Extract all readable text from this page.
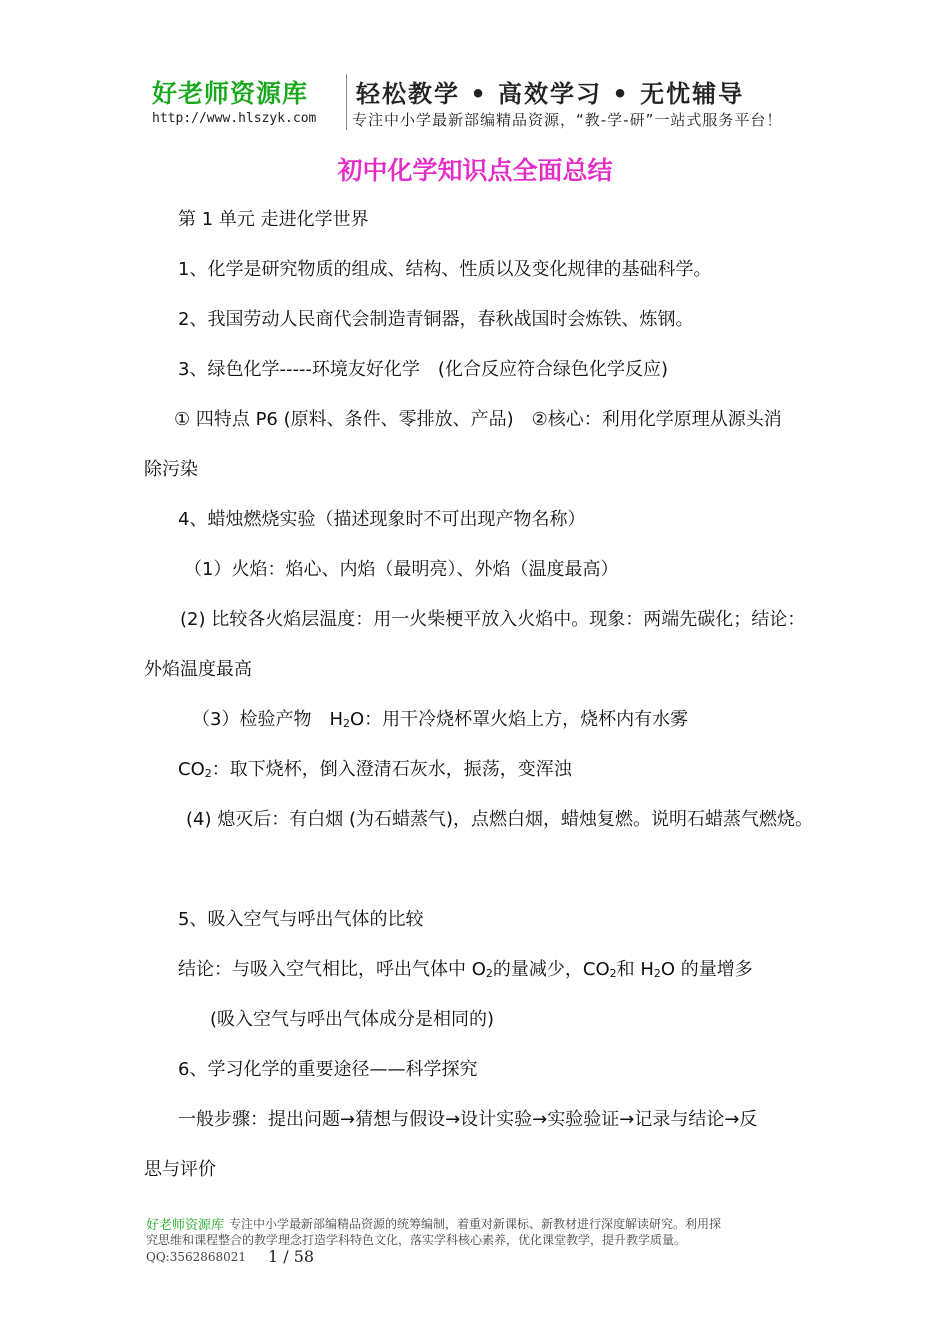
好老师资源库 轻松教学 • 高效学习 • 无忧辅导
http://www.hlszyk.com 专注中小学最新部编精品资源，“教-学-研”一站式服务平台！
初中化学知识点全面总结
第 1 单元 走进化学世界
1、化学是研究物质的组成、结构、性质以及变化规律的基础科学。
2、我国劳动人民商代会制造青铜器，春秋战国时会炼铁、炼钢。
3、绿色化学-----环境友好化学　(化合反应符合绿色化学反应)
① 四特点 P6 (原料、条件、零排放、产品)　②核心：利用化学原理从源头消
除污染
4、蜡烛燃烧实验（描述现象时不可出现产物名称）
（1）火焰：焰心、内焰（最明亮）、外焰（温度最高）
(2) 比较各火焰层温度：用一火柴梗平放入火焰中。现象：两端先碳化；结论：
外焰温度最高
（3）检验产物　$H_2O$：用干冷烧杯罩火焰上方，烧杯内有水雾
$CO_2$：取下烧杯，倒入澄清石灰水，振荡，变浑浊
(4) 熄灭后：有白烟 (为石蜡蒸气)，点燃白烟，蜡烛复燃。说明石蜡蒸气燃烧。
5、吸入空气与呼出气体的比较
结论：与吸入空气相比，呼出气体中 $O_2$的量减少，$CO_2$和 $H_2O$ 的量增多
(吸入空气与呼出气体成分是相同的)
6、学习化学的重要途径——科学探究
一般步骤：提出问题→猜想与假设→设计实验→实验验证→记录与结论→反
思与评价
好老师资源库 专注中小学最新部编精品资源的统筹编制，着重对新课标、新教材进行深度解读研究。利用探
究思维和课程整合的教学理念打造学科特色文化，落实学科核心素养，优化课堂教学，提升教学质量。
QQ:3562868021 1 / 58
